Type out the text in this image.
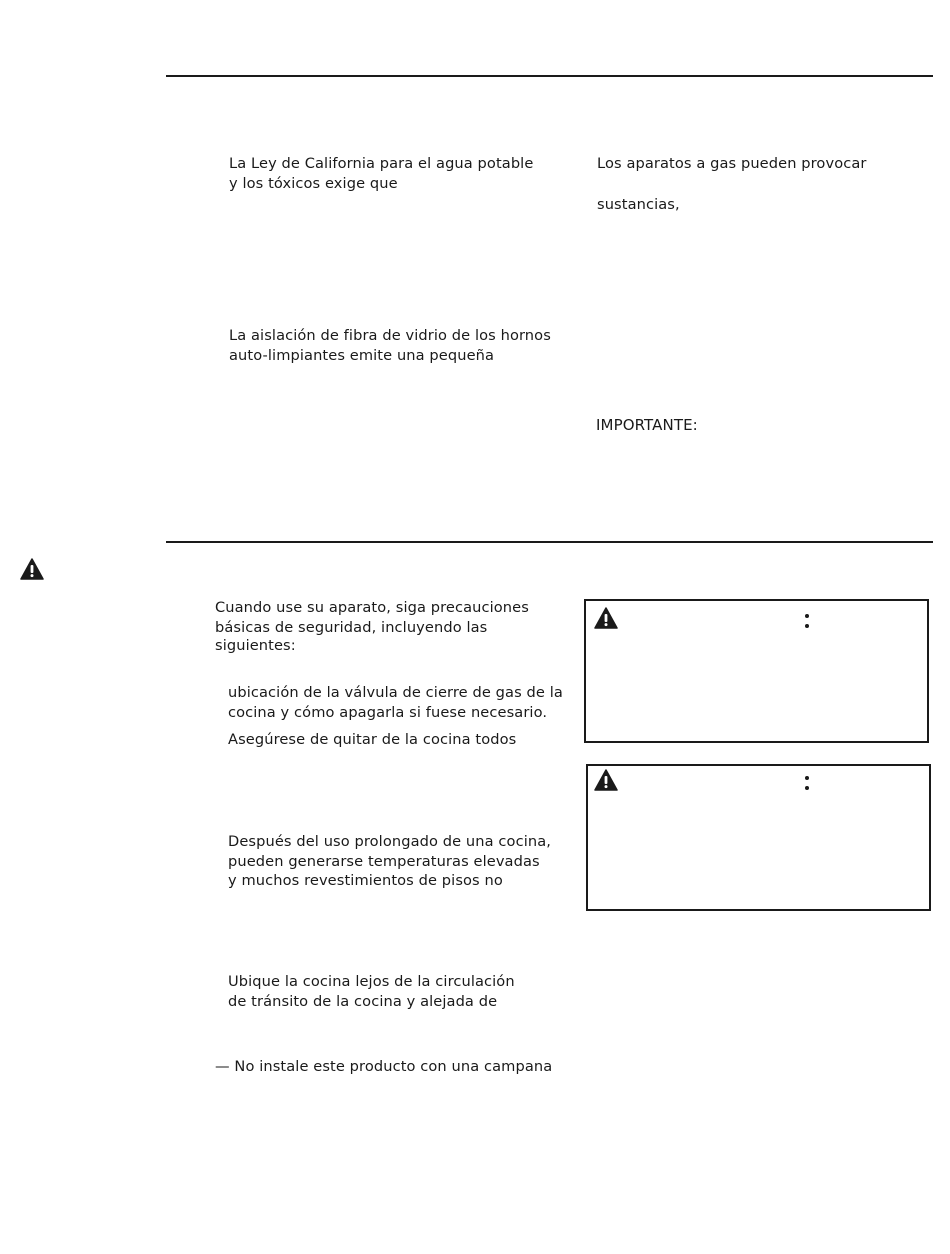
La Ley de California para el agua potable
y los tóxicos exige que
La aislación de fibra de vidrio de los hornos
auto-limpiantes emite una pequeña
Los aparatos a gas pueden provocar
sustancias,
IMPORTANTE:
Cuando use su aparato, siga precauciones
básicas de seguridad, incluyendo las
siguientes:
ubicación de la válvula de cierre de gas de la
cocina y cómo apagarla si fuese necesario.
Asegúrese de quitar de la cocina todos
Después del uso prolongado de una cocina,
pueden generarse temperaturas elevadas
y muchos revestimientos de pisos no
Ubique la cocina lejos de la circulación
de tránsito de la cocina y alejada de
— No instale este producto con una campana
